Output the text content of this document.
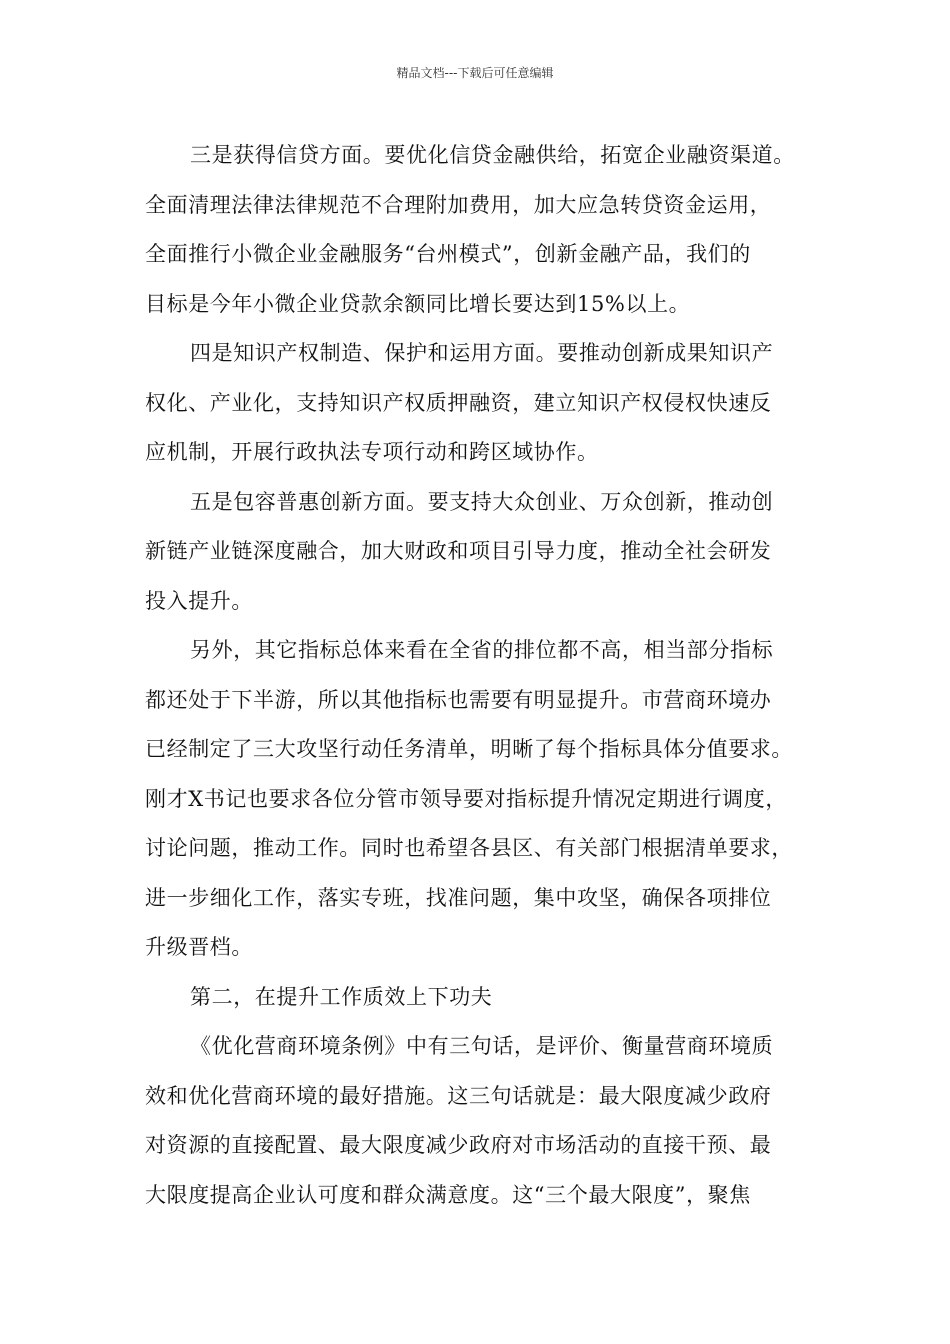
精品文档---下载后可任意编辑
三是获得信贷方面。要优化信贷金融供给，拓宽企业融资渠道。
全面清理法律法律规范不合理附加费用，加大应急转贷资金运用，
全面推行小微企业金融服务“台州模式”，创新金融产品，我们的
目标是今年小微企业贷款余额同比增长要达到15%以上。
四是知识产权制造、保护和运用方面。要推动创新成果知识产
权化、产业化，支持知识产权质押融资，建立知识产权侵权快速反
应机制，开展行政执法专项行动和跨区域协作。
五是包容普惠创新方面。要支持大众创业、万众创新，推动创
新链产业链深度融合，加大财政和项目引导力度，推动全社会研发
投入提升。
另外，其它指标总体来看在全省的排位都不高，相当部分指标
都还处于下半游，所以其他指标也需要有明显提升。市营商环境办
已经制定了三大攻坚行动任务清单，明晰了每个指标具体分值要求。
刚才X书记也要求各位分管市领导要对指标提升情况定期进行调度，
讨论问题，推动工作。同时也希望各县区、有关部门根据清单要求，
进一步细化工作，落实专班，找准问题，集中攻坚，确保各项排位
升级晋档。
第二，在提升工作质效上下功夫
《优化营商环境条例》中有三句话，是评价、衡量营商环境质
效和优化营商环境的最好措施。这三句话就是：最大限度减少政府
对资源的直接配置、最大限度减少政府对市场活动的直接干预、最
大限度提高企业认可度和群众满意度。这“三个最大限度”，聚焦
